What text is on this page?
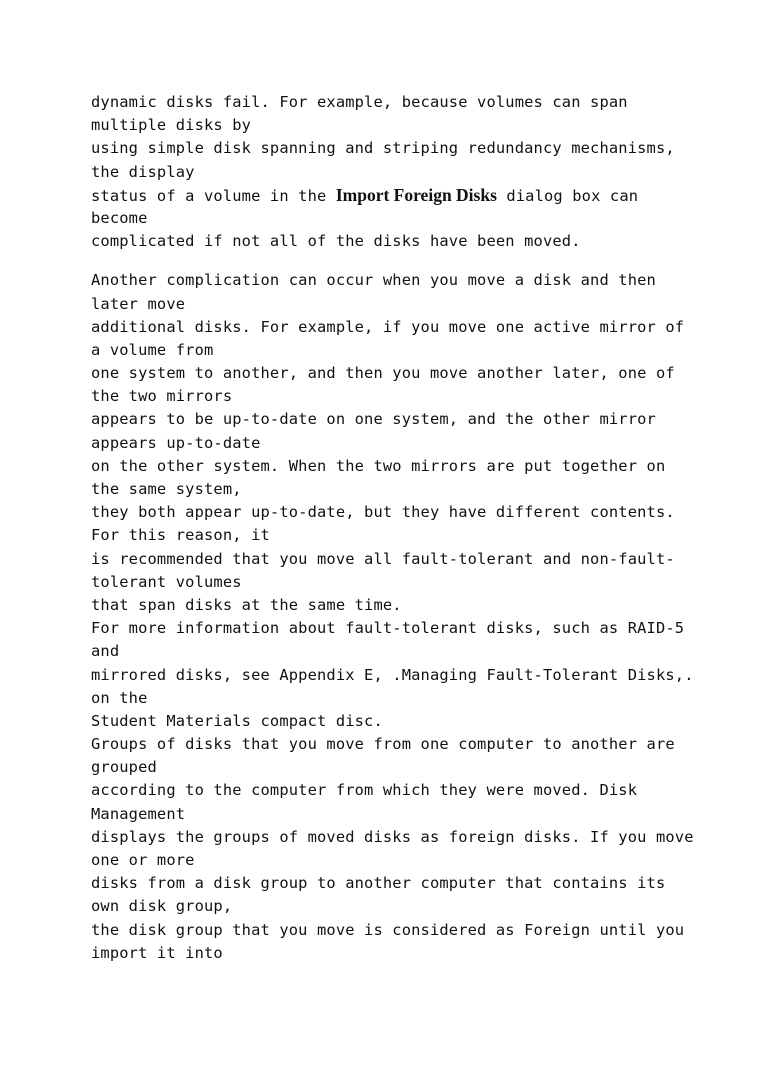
dynamic disks fail. For example, because volumes can span
multiple disks by
using simple disk spanning and striping redundancy mechanisms,
the display
status of a volume in the Import Foreign Disks dialog box can
become
complicated if not all of the disks have been moved.
Another complication can occur when you move a disk and then
later move
additional disks. For example, if you move one active mirror of
a volume from
one system to another, and then you move another later, one of
the two mirrors
appears to be up-to-date on one system, and the other mirror
appears up-to-date
on the other system. When the two mirrors are put together on
the same system,
they both appear up-to-date, but they have different contents.
For this reason, it
is recommended that you move all fault-tolerant and non-fault-
tolerant volumes
that span disks at the same time.
For more information about fault-tolerant disks, such as RAID-5
and
mirrored disks, see Appendix E, .Managing Fault-Tolerant Disks,.
on the
Student Materials compact disc.
Groups of disks that you move from one computer to another are
grouped
according to the computer from which they were moved. Disk
Management
displays the groups of moved disks as foreign disks. If you move
one or more
disks from a disk group to another computer that contains its
own disk group,
the disk group that you move is considered as Foreign until you
import it into
